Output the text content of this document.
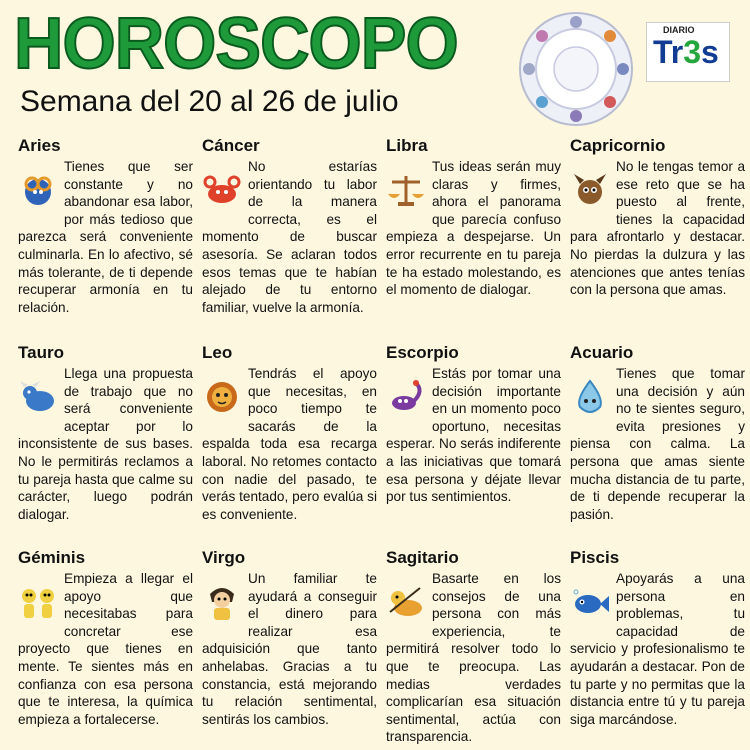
HOROSCOPO
Semana del 20 al 26 de julio
DIARIO
Tr3s
Aries

Tienes que ser constante y no abandonar esa labor, por más tedioso que parezca será conveniente culminarla. En lo afectivo, sé más tolerante, de ti depende recuperar armonía en tu relación.

Cáncer

No estarías orientando tu labor de la manera correcta, es el momento de buscar asesoría. Se aclaran todos esos temas que te habían alejado de tu entorno familiar, vuelve la armonía.

Libra

Tus ideas serán muy claras y firmes, ahora el panorama que parecía confuso empieza a despejarse. Un error recurrente en tu pareja te ha estado molestando, es el momento de dialogar.

Capricornio

No le tengas temor a ese reto que se ha puesto al frente, tienes la capacidad para afrontarlo y destacar. No pierdas la dulzura y las atenciones que antes tenías con la persona que amas.

Tauro

Llega una propuesta de trabajo que no será conveniente aceptar por lo inconsistente de sus bases. No le permitirás reclamos a tu pareja hasta que calme su carácter, luego podrán dialogar.

Leo

Tendrás el apoyo que necesitas, en poco tiempo te sacarás de la espalda toda esa recarga laboral. No retomes contacto con nadie del pasado, te verás tentado, pero evalúa si es conveniente.

Escorpio

Estás por tomar una decisión importante en un momento poco oportuno, necesitas esperar. No serás indiferente a las iniciativas que tomará esa persona y déjate llevar por tus sentimientos.

Acuario

Tienes que tomar una decisión y aún no te sientes seguro, evita presiones y piensa con calma. La persona que amas siente mucha distancia de tu parte, de ti depende recuperar la pasión.

Géminis

Empieza a llegar el apoyo que necesitabas para concretar ese proyecto que tienes en mente. Te sientes más en confianza con esa persona que te interesa, la química empieza a fortalecerse.

Virgo

Un familiar te ayudará a conseguir el dinero para realizar esa adquisición que tanto anhelabas. Gracias a tu constancia, está mejorando tu relación sentimental, sentirás los cambios.

Sagitario

Basarte en los consejos de una persona con más experiencia, te permitirá resolver todo lo que te preocupa. Las medias verdades complicarían esa situación sentimental, actúa con transparencia.

Piscis

Apoyarás a una persona en problemas, tu capacidad de servicio y profesionalismo te ayudarán a destacar. Pon de tu parte y no permitas que la distancia entre tú y tu pareja siga marcándose.
